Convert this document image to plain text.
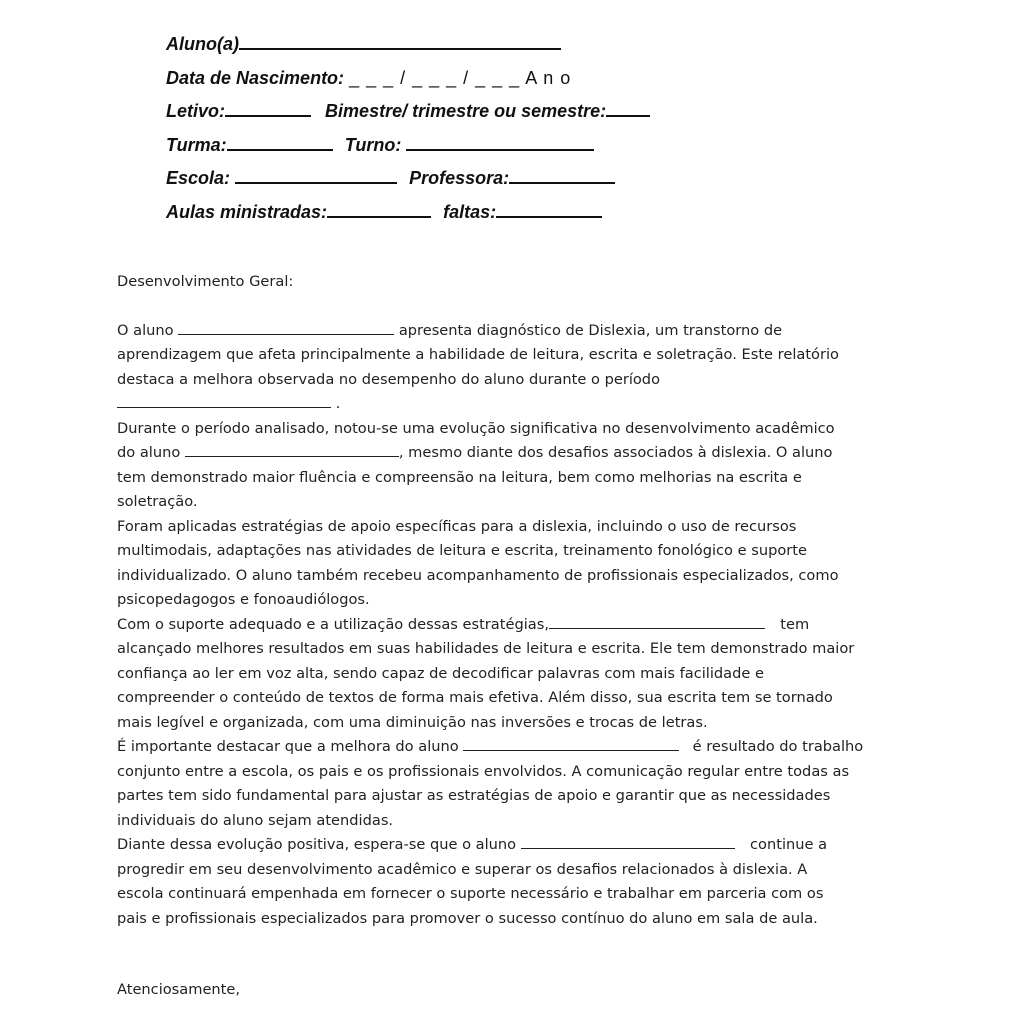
Aluno(a)
Data de Nascimento: _ _ _ / _ _ _ / _ _ _ A n o
Letivo:	Bimestre/ trimestre ou semestre:
Turma:	Turno:
Escola:	Professora:
Aulas ministradas:	faltas:
Desenvolvimento Geral:
O aluno	apresenta diagnóstico de Dislexia, um transtorno de
aprendizagem que afeta principalmente a habilidade de leitura, escrita e soletração. Este relatório
destaca a melhora observada no desempenho do aluno durante o período
.
Durante o período analisado, notou-se uma evolução significativa no desenvolvimento acadêmico
do aluno	, mesmo diante dos desafios associados à dislexia. O aluno
tem demonstrado maior fluência e compreensão na leitura, bem como melhorias na escrita e
soletração.
Foram aplicadas estratégias de apoio específicas para a dislexia, incluindo o uso de recursos
multimodais, adaptações nas atividades de leitura e escrita, treinamento fonológico e suporte
individualizado. O aluno também recebeu acompanhamento de profissionais especializados, como
psicopedagogos e fonoaudiólogos.
Com o suporte adequado e a utilização dessas estratégias,	tem
alcançado melhores resultados em suas habilidades de leitura e escrita. Ele tem demonstrado maior
confiança ao ler em voz alta, sendo capaz de decodificar palavras com mais facilidade e
compreender o conteúdo de textos de forma mais efetiva. Além disso, sua escrita tem se tornado
mais legível e organizada, com uma diminuição nas inversões e trocas de letras.
É importante destacar que a melhora do aluno	é resultado do trabalho
conjunto entre a escola, os pais e os profissionais envolvidos. A comunicação regular entre todas as
partes tem sido fundamental para ajustar as estratégias de apoio e garantir que as necessidades
individuais do aluno sejam atendidas.
Diante dessa evolução positiva, espera-se que o aluno	continue a
progredir em seu desenvolvimento acadêmico e superar os desafios relacionados à dislexia. A
escola continuará empenhada em fornecer o suporte necessário e trabalhar em parceria com os
pais e profissionais especializados para promover o sucesso contínuo do aluno em sala de aula.
Atenciosamente,
